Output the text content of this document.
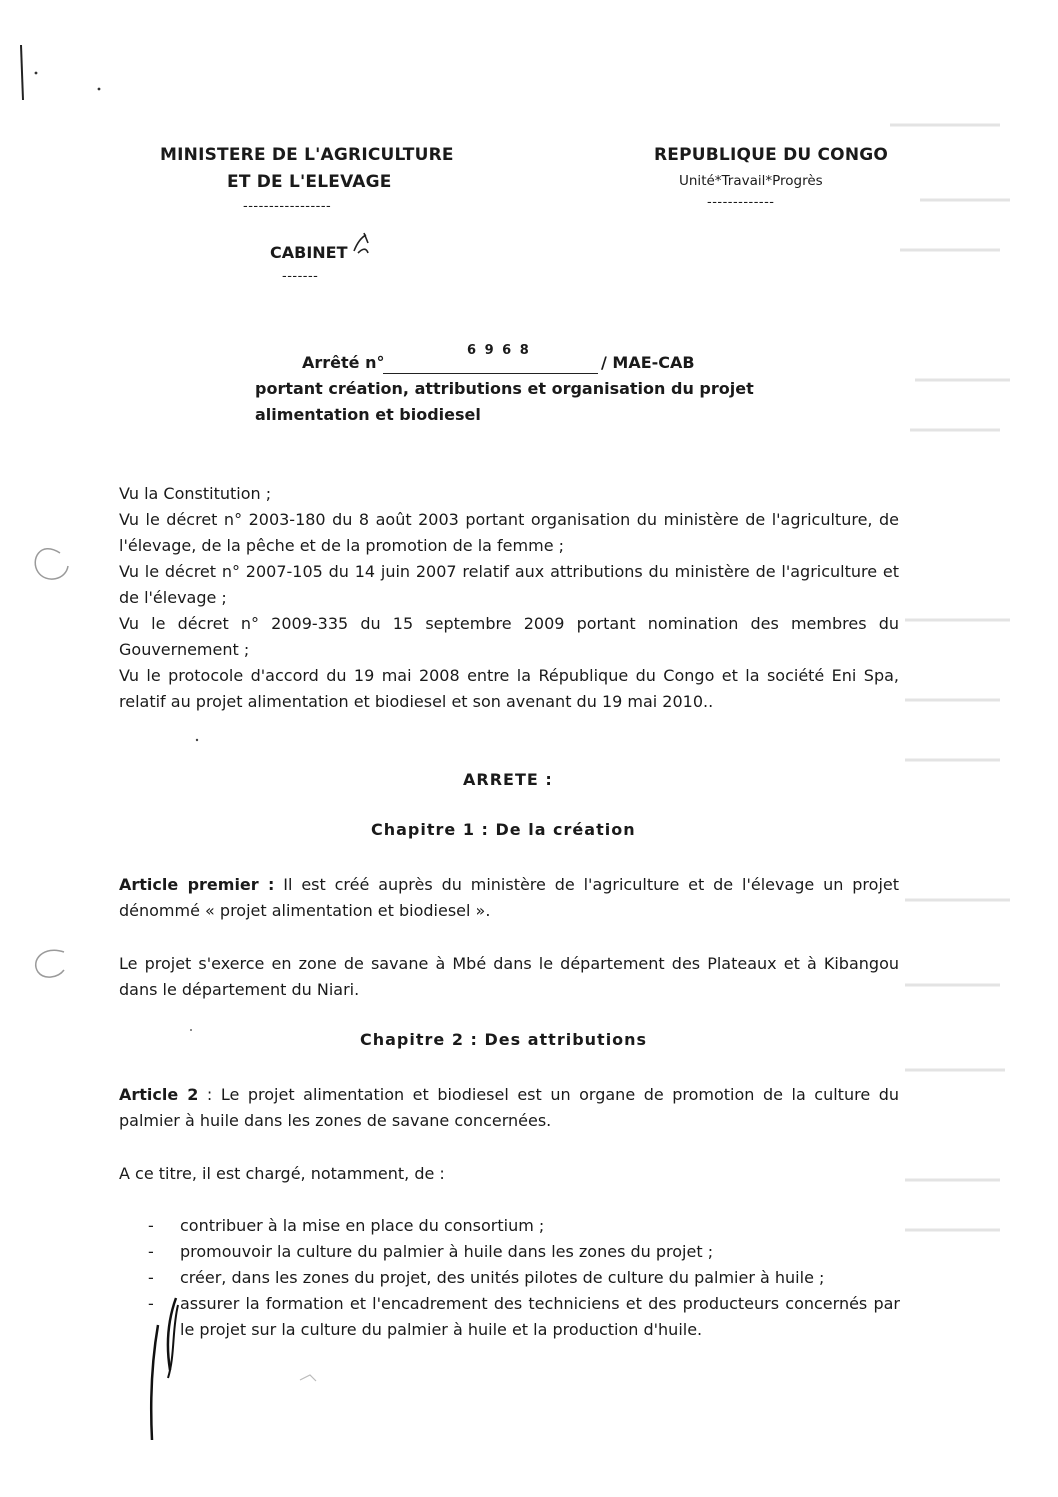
MINISTERE DE L'AGRICULTURE
ET DE L'ELEVAGE
-----------------
CABINET
-------
REPUBLIQUE DU CONGO
Unité*Travail*Progrès
-------------
Arrêté n°
6 9 6 8
/ MAE-CAB
portant création, attributions et organisation du projet
alimentation et biodiesel
Vu la Constitution ;
Vu le décret n° 2003-180 du 8 août 2003 portant organisation du ministère de l'agriculture, de l'élevage, de la pêche et de la promotion de la femme ;
Vu le décret n° 2007-105 du 14 juin 2007 relatif aux attributions du ministère de l'agriculture et de l'élevage ;
Vu le décret n° 2009-335 du 15 septembre 2009 portant nomination des membres du Gouvernement ;
Vu le protocole d'accord du 19 mai 2008 entre la République du Congo et la société Eni Spa, relatif au projet alimentation et biodiesel et son avenant du 19 mai 2010..
ARRETE :
Chapitre 1 : De la création
Article premier : Il est créé auprès du ministère de l'agriculture et de l'élevage un projet dénommé « projet alimentation et biodiesel ».
Le projet s'exerce en zone de savane à Mbé dans le département des Plateaux et à Kibangou dans le département du Niari.
Chapitre 2 : Des attributions
Article 2 : Le projet alimentation et biodiesel est un organe de promotion de la culture du palmier à huile dans les zones de savane concernées.
A ce titre, il est chargé, notamment, de :
- contribuer à la mise en place du consortium ;
- promouvoir la culture du palmier à huile dans les zones du projet ;
- créer, dans les zones du projet, des unités pilotes de culture du palmier à huile ;
- assurer la formation et l'encadrement des techniciens et des producteurs concernés par le projet sur la culture du palmier à huile et la production d'huile.
